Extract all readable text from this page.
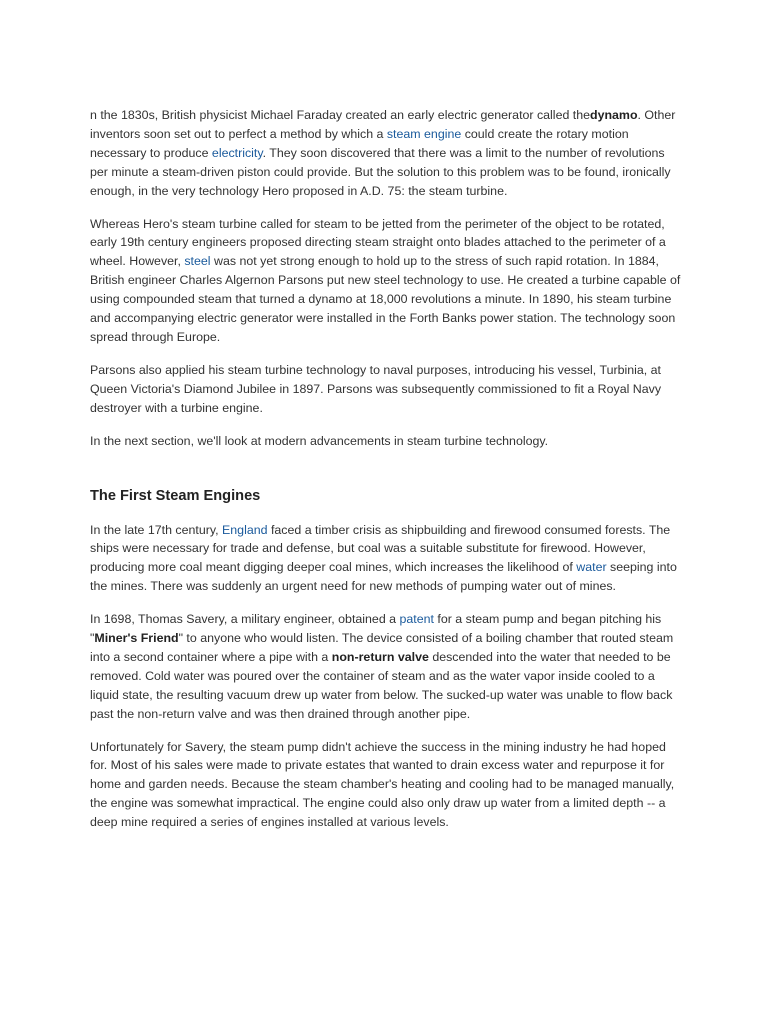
n the 1830s, British physicist Michael Faraday created an early electric generator called thedynamo. Other inventors soon set out to perfect a method by which a steam engine could create the rotary motion necessary to produce electricity. They soon discovered that there was a limit to the number of revolutions per minute a steam-driven piston could provide. But the solution to this problem was to be found, ironically enough, in the very technology Hero proposed in A.D. 75: the steam turbine.

Whereas Hero's steam turbine called for steam to be jetted from the perimeter of the object to be rotated, early 19th century engineers proposed directing steam straight onto blades attached to the perimeter of a wheel. However, steel was not yet strong enough to hold up to the stress of such rapid rotation. In 1884, British engineer Charles Algernon Parsons put new steel technology to use. He created a turbine capable of using compounded steam that turned a dynamo at 18,000 revolutions a minute. In 1890, his steam turbine and accompanying electric generator were installed in the Forth Banks power station. The technology soon spread through Europe.

Parsons also applied his steam turbine technology to naval purposes, introducing his vessel, Turbinia, at Queen Victoria's Diamond Jubilee in 1897. Parsons was subsequently commissioned to fit a Royal Navy destroyer with a turbine engine.

In the next section, we'll look at modern advancements in steam turbine technology.

The First Steam Engines

In the late 17th century, England faced a timber crisis as shipbuilding and firewood consumed forests. The ships were necessary for trade and defense, but coal was a suitable substitute for firewood. However, producing more coal meant digging deeper coal mines, which increases the likelihood of water seeping into the mines. There was suddenly an urgent need for new methods of pumping water out of mines.

In 1698, Thomas Savery, a military engineer, obtained a patent for a steam pump and began pitching his "Miner's Friend" to anyone who would listen. The device consisted of a boiling chamber that routed steam into a second container where a pipe with a non-return valve descended into the water that needed to be removed. Cold water was poured over the container of steam and as the water vapor inside cooled to a liquid state, the resulting vacuum drew up water from below. The sucked-up water was unable to flow back past the non-return valve and was then drained through another pipe.

Unfortunately for Savery, the steam pump didn't achieve the success in the mining industry he had hoped for. Most of his sales were made to private estates that wanted to drain excess water and repurpose it for home and garden needs. Because the steam chamber's heating and cooling had to be managed manually, the engine was somewhat impractical. The engine could also only draw up water from a limited depth -- a deep mine required a series of engines installed at various levels.
